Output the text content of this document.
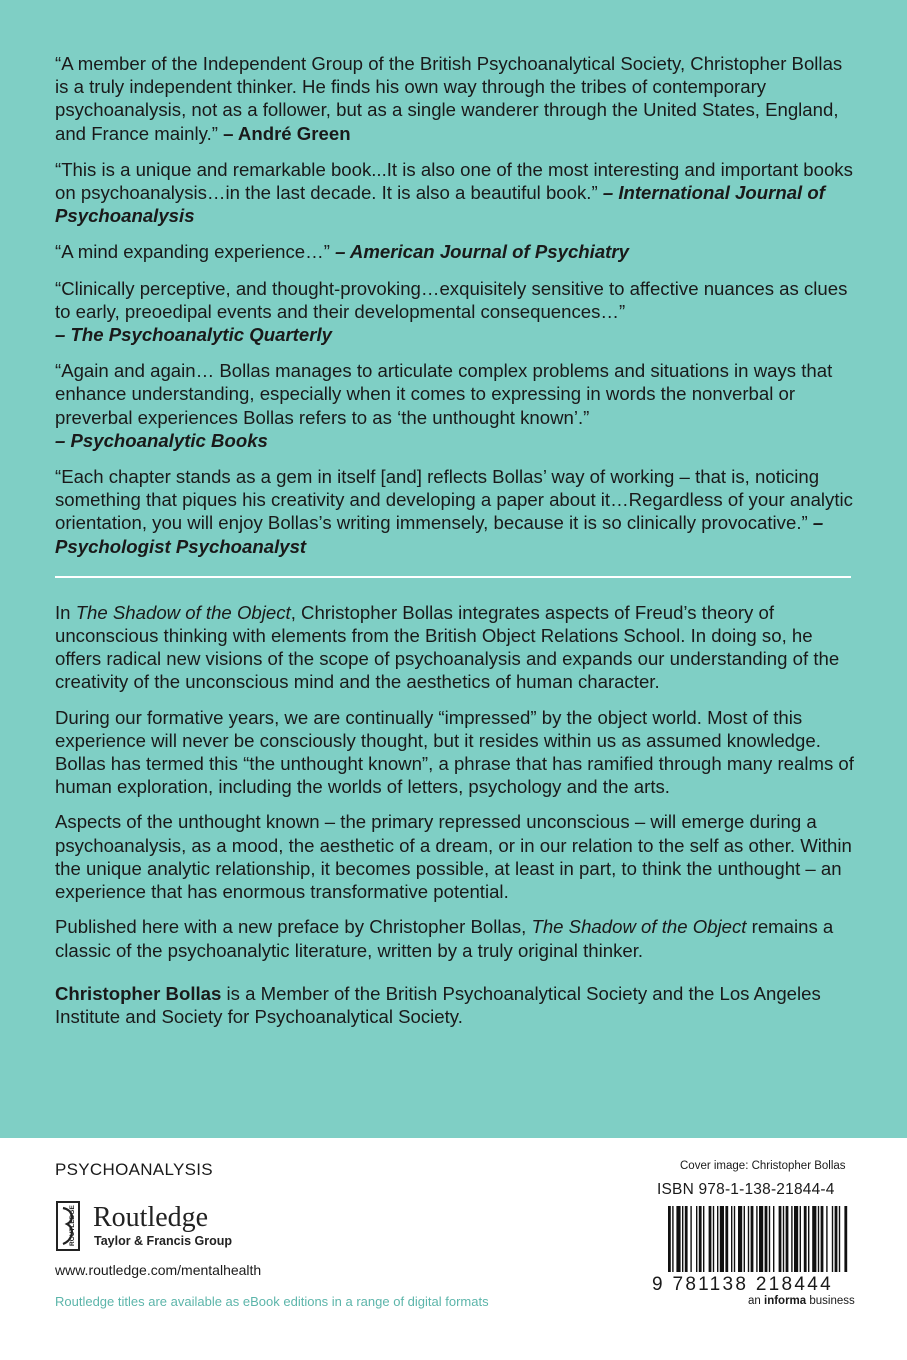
“A member of the Independent Group of the British Psychoanalytical Society, Christopher Bollas is a truly independent thinker. He finds his own way through the tribes of contemporary psychoanalysis, not as a follower, but as a single wanderer through the United States, England, and France mainly.” – André Green

“This is a unique and remarkable book...It is also one of the most interesting and important books on psychoanalysis…in the last decade. It is also a beautiful book.” – International Journal of Psychoanalysis

“A mind expanding experience…” – American Journal of Psychiatry

“Clinically perceptive, and thought-provoking…exquisitely sensitive to affective nuances as clues to early, preoedipal events and their developmental consequences…”
– The Psychoanalytic Quarterly

“Again and again… Bollas manages to articulate complex problems and situations in ways that enhance understanding, especially when it comes to expressing in words the nonverbal or preverbal experiences Bollas refers to as ‘the unthought known’.”
– Psychoanalytic Books

“Each chapter stands as a gem in itself [and] reflects Bollas’ way of working – that is, noticing something that piques his creativity and developing a paper about it…Regardless of your analytic orientation, you will enjoy Bollas’s writing immensely, because it is so clinically provocative.” – Psychologist Psychoanalyst

In The Shadow of the Object, Christopher Bollas integrates aspects of Freud’s theory of unconscious thinking with elements from the British Object Relations School. In doing so, he offers radical new visions of the scope of psychoanalysis and expands our understanding of the creativity of the unconscious mind and the aesthetics of human character.

During our formative years, we are continually “impressed” by the object world. Most of this experience will never be consciously thought, but it resides within us as assumed knowledge. Bollas has termed this “the unthought known”, a phrase that has ramified through many realms of human exploration, including the worlds of letters, psychology and the arts.

Aspects of the unthought known – the primary repressed unconscious – will emerge during a psychoanalysis, as a mood, the aesthetic of a dream, or in our relation to the self as other. Within the unique analytic relationship, it becomes possible, at least in part, to think the unthought – an experience that has enormous transformative potential.

Published here with a new preface by Christopher Bollas, The Shadow of the Object remains a classic of the psychoanalytic literature, written by a truly original thinker.

Christopher Bollas is a Member of the British Psychoanalytical Society and the Los Angeles Institute and Society for Psychoanalytical Society.

PSYCHOANALYSIS
ROUTLEDGE Routledge
Taylor & Francis Group
www.routledge.com/mentalhealth
Routledge titles are available as eBook editions in a range of digital formats
Cover image: Christopher Bollas
ISBN 978-1-138-21844-4
9 781138 218444
an informa business
